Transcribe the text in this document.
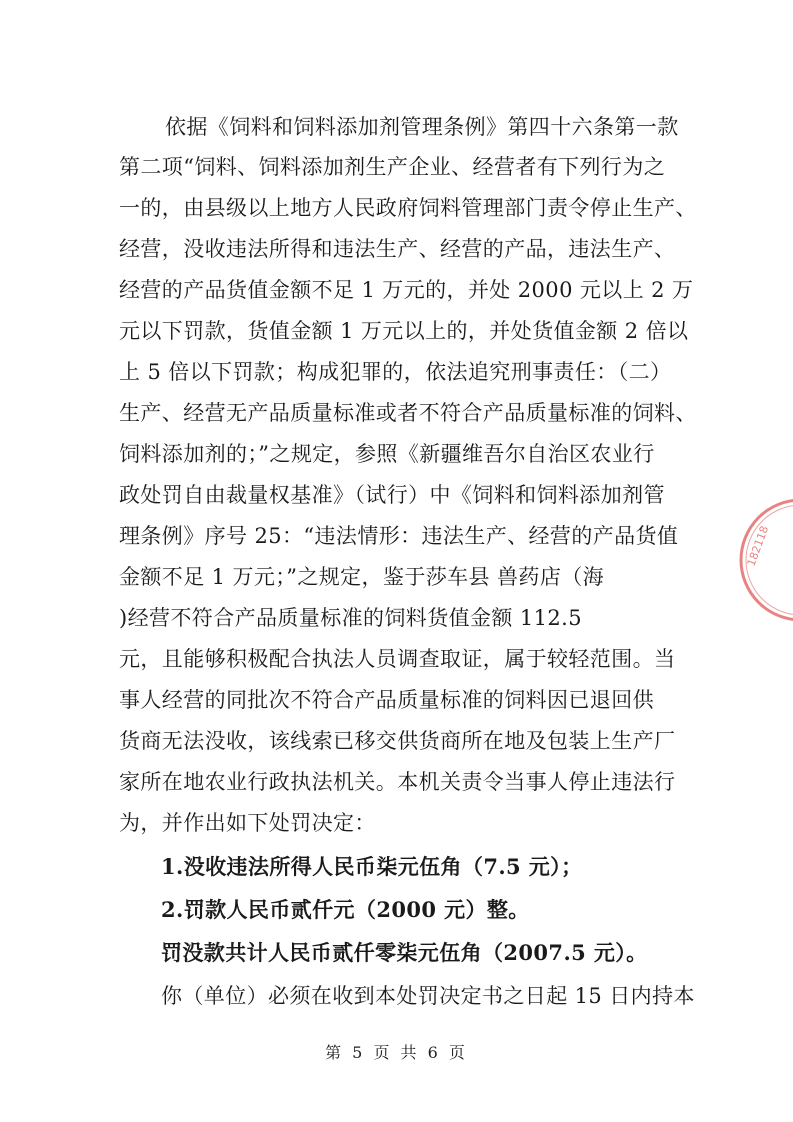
依据《饲料和饲料添加剂管理条例》第四十六条第一款
第二项“饲料、饲料添加剂生产企业、经营者有下列行为之
一的，由县级以上地方人民政府饲料管理部门责令停止生产、
经营，没收违法所得和违法生产、经营的产品，违法生产、
经营的产品货值金额不足 1 万元的，并处 2000 元以上 2 万
元以下罚款，货值金额 1 万元以上的，并处货值金额 2 倍以
上 5 倍以下罚款；构成犯罪的，依法追究刑事责任：（二）
生产、经营无产品质量标准或者不符合产品质量标准的饲料、
饲料添加剂的；”之规定，参照《新疆维吾尔自治区农业行
政处罚自由裁量权基准》（试行）中《饲料和饲料添加剂管
理条例》序号 25：“违法情形：违法生产、经营的产品货值
金额不足 1 万元；”之规定，鉴于莎车县 兽药店（海
)经营不符合产品质量标准的饲料货值金额 112.5
元，且能够积极配合执法人员调查取证，属于较轻范围。当
事人经营的同批次不符合产品质量标准的饲料因已退回供
货商无法没收，该线索已移交供货商所在地及包装上生产厂
家所在地农业行政执法机关。本机关责令当事人停止违法行
为，并作出如下处罚决定：
1.没收违法所得人民币柒元伍角（7.5 元）；
2.罚款人民币贰仟元（2000 元）整。
罚没款共计人民币贰仟零柒元伍角（2007.5 元）。
你（单位）必须在收到本处罚决定书之日起 15 日内持本
第 5 页 共 6 页
182118
